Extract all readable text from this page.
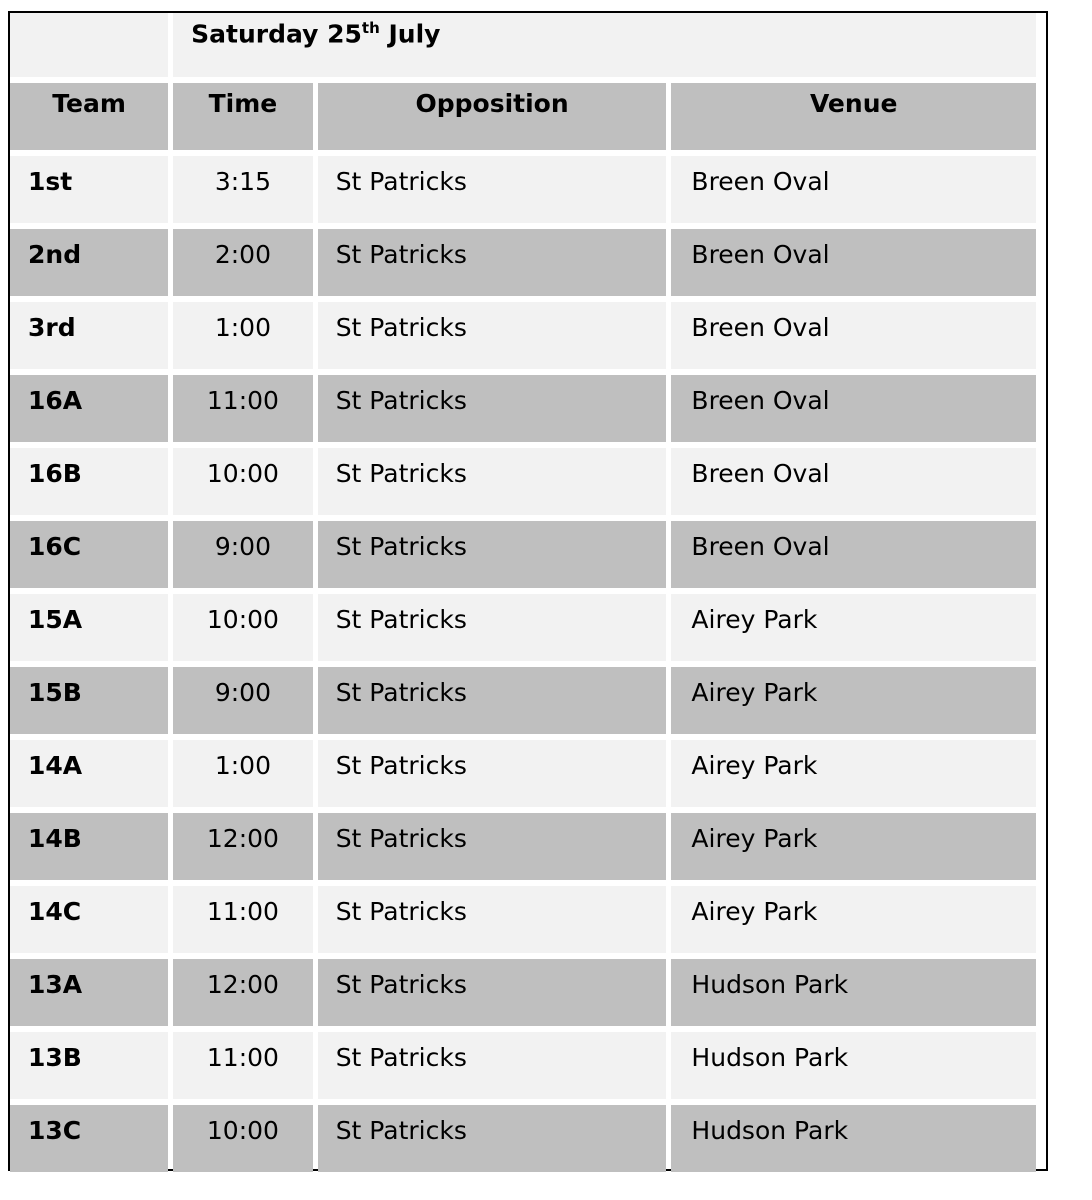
	Saturday 25th July		

Team	Time	Opposition	Venue
1st	3:15	St Patricks	Breen Oval
2nd	2:00	St Patricks	Breen Oval
3rd	1:00	St Patricks	Breen Oval
16A	11:00	St Patricks	Breen Oval
16B	10:00	St Patricks	Breen Oval
16C	9:00	St Patricks	Breen Oval
15A	10:00	St Patricks	Airey Park
15B	9:00	St Patricks	Airey Park
14A	1:00	St Patricks	Airey Park
14B	12:00	St Patricks	Airey Park
14C	11:00	St Patricks	Airey Park
13A	12:00	St Patricks	Hudson Park
13B	11:00	St Patricks	Hudson Park
13C	10:00	St Patricks	Hudson Park
